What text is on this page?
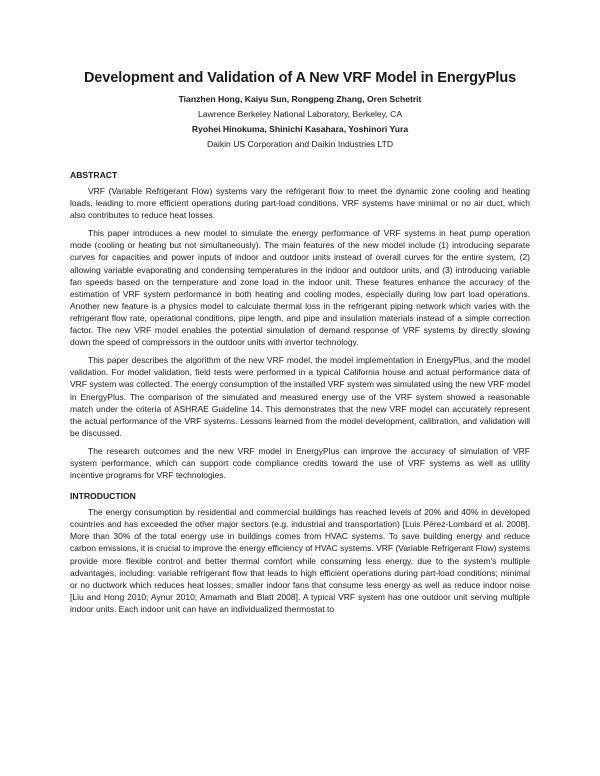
Development and Validation of A New VRF Model in EnergyPlus
Tianzhen Hong, Kaiyu Sun, Rongpeng Zhang, Oren Schetrit
Lawrence Berkeley National Laboratory, Berkeley, CA
Ryohei Hinokuma, Shinichi Kasahara, Yoshinori Yura
Daikin US Corporation and Daikin Industries LTD
ABSTRACT

VRF (Variable Refrigerant Flow) systems vary the refrigerant flow to meet the dynamic zone cooling and heating loads, leading to more efficient operations during part-load conditions. VRF systems have minimal or no air duct, which also contributes to reduce heat losses.

This paper introduces a new model to simulate the energy performance of VRF systems in heat pump operation mode (cooling or heating but not simultaneously). The main features of the new model include (1) introducing separate curves for capacities and power inputs of indoor and outdoor units instead of overall curves for the entire system, (2) allowing variable evaporating and condensing temperatures in the indoor and outdoor units, and (3) introducing variable fan speeds based on the temperature and zone load in the indoor unit. These features enhance the accuracy of the estimation of VRF system performance in both heating and cooling modes, especially during low part load operations. Another new feature is a physics model to calculate thermal loss in the refrigerant piping network which varies with the refrigerant flow rate, operational conditions, pipe length, and pipe and insulation materials instead of a simple correction factor. The new VRF model enables the potential simulation of demand response of VRF systems by directly slowing down the speed of compressors in the outdoor units with invertor technology.

This paper describes the algorithm of the new VRF model, the model implementation in EnergyPlus, and the model validation. For model validation, field tests were performed in a typical California house and actual performance data of VRF system was collected. The energy consumption of the installed VRF system was simulated using the new VRF model in EnergyPlus. The comparison of the simulated and measured energy use of the VRF system showed a reasonable match under the criteria of ASHRAE Guideline 14. This demonstrates that the new VRF model can accurately represent the actual performance of the VRF systems. Lessons learned from the model development, calibration, and validation will be discussed.

The research outcomes and the new VRF model in EnergyPlus can improve the accuracy of simulation of VRF system performance, which can support code compliance credits toward the use of VRF systems as well as utility incentive programs for VRF technologies.

INTRODUCTION

The energy consumption by residential and commercial buildings has reached levels of 20% and 40% in developed countries and has exceeded the other major sectors (e.g. industrial and transportation) [Luis Pérez-Lombard et al. 2008]. More than 30% of the total energy use in buildings comes from HVAC systems. To save building energy and reduce carbon emissions, it is crucial to improve the energy efficiency of HVAC systems. VRF (Variable Refrigerant Flow) systems provide more flexible control and better thermal comfort while consuming less energy, due to the system's multiple advantages, including: variable refrigerant flow that leads to high efficient operations during part-load conditions; minimal or no ductwork which reduces heat losses; smaller indoor fans that consume less energy as well as reduce indoor noise [Liu and Hong 2010; Aynur 2010; Amarnath and Blatt 2008]. A typical VRF system has one outdoor unit serving multiple indoor units. Each indoor unit can have an individualized thermostat to
